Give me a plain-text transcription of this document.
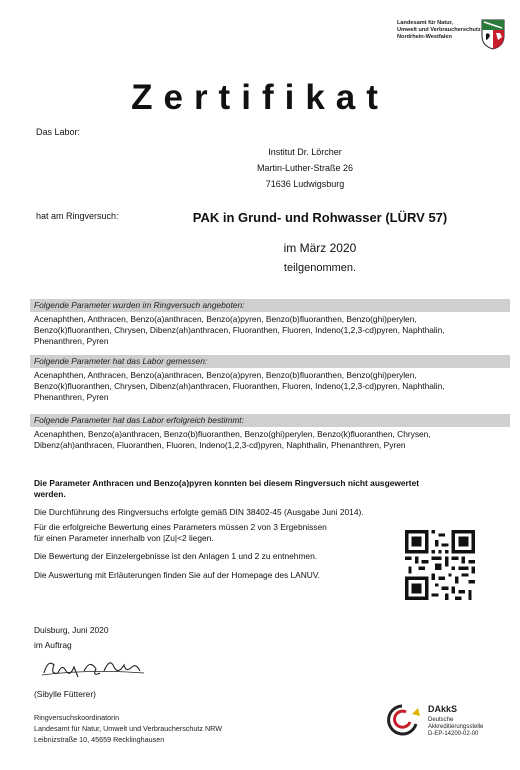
Landesamt für Natur,
Umwelt und Verbraucherschutz
Nordrhein-Westfalen
Zertifikat
Das Labor:
Institut Dr. Lörcher
Martin-Luther-Straße 26
71636 Ludwigsburg
hat am Ringversuch:	PAK in Grund- und Rohwasser (LÜRV 57)
im März 2020
teilgenommen.
Folgende Parameter wurden im Ringversuch angeboten:
Acenaphthen, Anthracen, Benzo(a)anthracen, Benzo(a)pyren, Benzo(b)fluoranthen, Benzo(ghi)perylen,
Benzo(k)fluoranthen, Chrysen, Dibenz(ah)anthracen, Fluoranthen, Fluoren, Indeno(1,2,3-cd)pyren, Naphthalin,
Phenanthren, Pyren
Folgende Parameter hat das Labor gemessen:
Acenaphthen, Anthracen, Benzo(a)anthracen, Benzo(a)pyren, Benzo(b)fluoranthen, Benzo(ghi)perylen,
Benzo(k)fluoranthen, Chrysen, Dibenz(ah)anthracen, Fluoranthen, Fluoren, Indeno(1,2,3-cd)pyren, Naphthalin,
Phenanthren, Pyren
Folgende Parameter hat das Labor erfolgreich bestimmt:
Acenaphthen, Benzo(a)anthracen, Benzo(b)fluoranthen, Benzo(ghi)perylen, Benzo(k)fluoranthen, Chrysen,
Dibenz(ah)anthracen, Fluoranthen, Fluoren, Indeno(1,2,3-cd)pyren, Naphthalin, Phenanthren, Pyren
Die Parameter Anthracen und Benzo(a)pyren konnten bei diesem Ringversuch nicht ausgewertet
werden.
Die Durchführung des Ringversuchs erfolgte gemäß DIN 38402-45 (Ausgabe Juni 2014).
Für die erfolgreiche Bewertung eines Parameters müssen 2 von 3 Ergebnissen
für einen Parameter innerhalb von |Zu|<2 liegen.
Die Bewertung der Einzelergebnisse ist den Anlagen 1 und 2 zu entnehmen.
Die Auswertung mit Erläuterungen finden Sie auf der Homepage des LANUV.
Duisburg, Juni 2020
im Auftrag
(Sibylle Fütterer)
Ringversuchskoordinatorin
Landesamt für Natur, Umwelt und Verbraucherschutz NRW
Leibnizstraße 10, 45659 Recklinghausen
DAkkS
Deutsche
Akkreditierungsstelle
D-EP-14200-02-00
